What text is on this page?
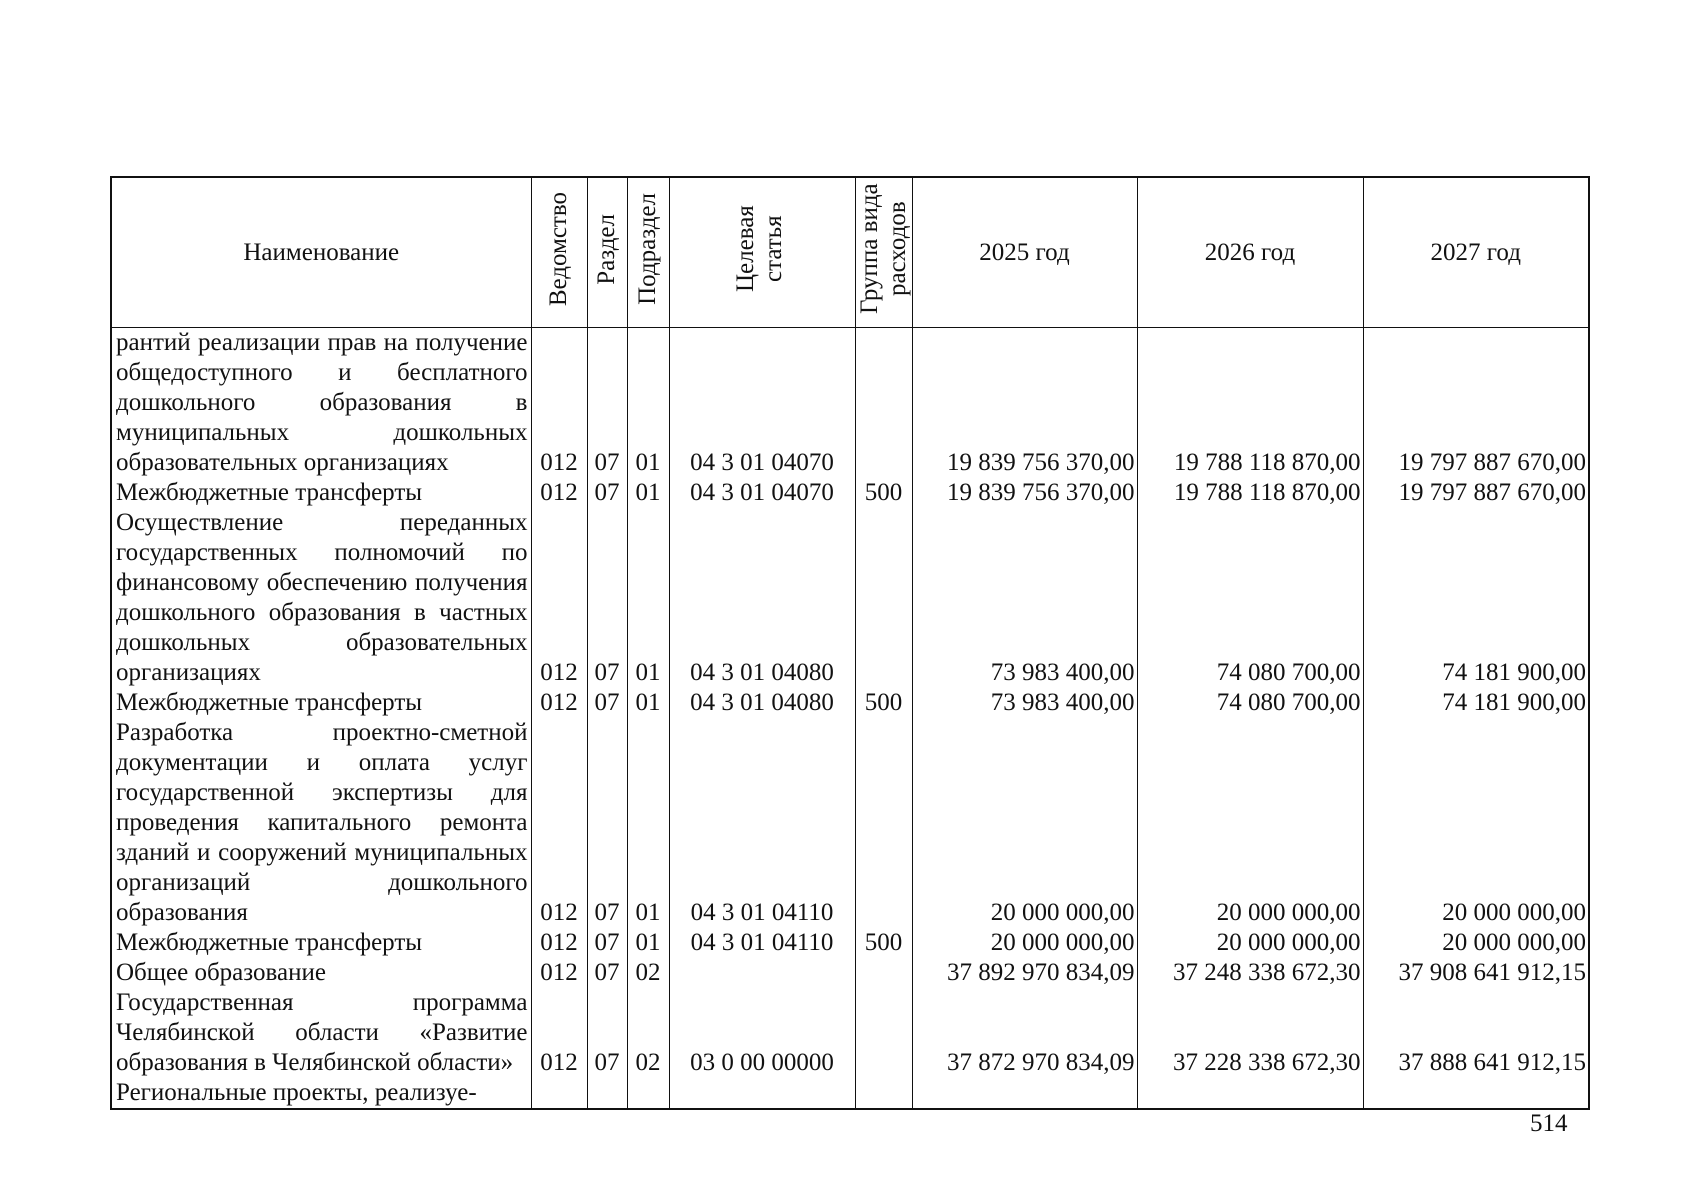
Наименование	Ведомство	Раздел	Подраздел	Целевая статья	Группа вида расходов	2025 год	2026 год	2027 год
рантий реализации прав на получение общедоступного и бесплатного дошкольного образования в муниципальных дошкольных образовательных организациях	012	07	01	04 3 01 04070		19 839 756 370,00	19 788 118 870,00	19 797 887 670,00
Межбюджетные трансферты	012	07	01	04 3 01 04070	500	19 839 756 370,00	19 788 118 870,00	19 797 887 670,00
Осуществление переданных государственных полномочий по финансовому обеспечению получения дошкольного образования в частных дошкольных образовательных организациях	012	07	01	04 3 01 04080		73 983 400,00	74 080 700,00	74 181 900,00
Межбюджетные трансферты	012	07	01	04 3 01 04080	500	73 983 400,00	74 080 700,00	74 181 900,00
Разработка проектно-сметной документации и оплата услуг государственной экспертизы для проведения капитального ремонта зданий и сооружений муниципальных организаций дошкольного образования	012	07	01	04 3 01 04110		20 000 000,00	20 000 000,00	20 000 000,00
Межбюджетные трансферты	012	07	01	04 3 01 04110	500	20 000 000,00	20 000 000,00	20 000 000,00
Общее образование	012	07	02			37 892 970 834,09	37 248 338 672,30	37 908 641 912,15
Государственная программа Челябинской области «Развитие образования в Челябинской области»	012	07	02	03 0 00 00000		37 872 970 834,09	37 228 338 672,30	37 888 641 912,15
Региональные проекты, реализуе-								
514
